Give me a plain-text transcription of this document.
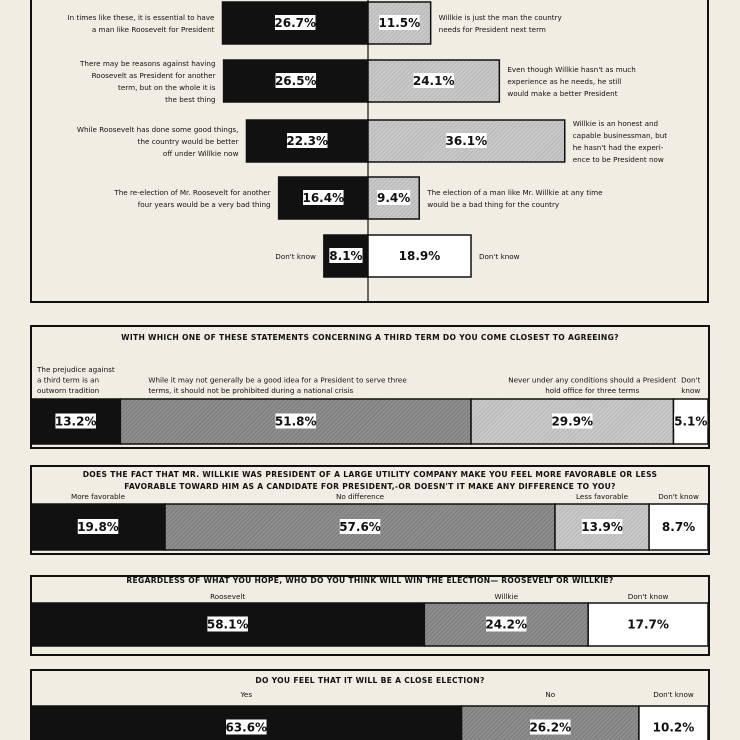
26.7%	11.5%
In times like these, it is essential to have
a man like Roosevelt for President
Willkie is just the man the country
needs for President next term
26.5%	24.1%
There may be reasons against having
Roosevelt as President for another
term, but on the whole it is
the best thing
Even though Willkie hasn't as much
experience as he needs, he still
would make a better President
22.3%	36.1%
While Roosevelt has done some good things,
the country would be better
off under Willkie now
Willkie is an honest and
capable businessman, but
he hasn't had the experi-
ence to be President now
16.4%	9.4%
The re-election of Mr. Roosevelt for another
four years would be a very bad thing
The election of a man like Mr. Willkie at any time
would be a bad thing for the country
8.1%	18.9%
Don't know	Don't know
WITH WHICH ONE OF THESE STATEMENTS CONCERNING A THIRD TERM DO YOU COME CLOSEST TO AGREEING?
13.2%
The prejudice against
a third term is an
outworn tradition
51.8%
While it may not generally be a good idea for a President to serve three
terms, it should not be prohibited during a national crisis
29.9%
Never under any conditions should a President
hold office for three terms
5.1%
Don't
know
DOES THE FACT THAT MR. WILLKIE WAS PRESIDENT OF A LARGE UTILITY COMPANY MAKE YOU FEEL MORE FAVORABLE OR LESS
FAVORABLE TOWARD HIM AS A CANDIDATE FOR PRESIDENT,-OR DOESN'T IT MAKE ANY DIFFERENCE TO YOU?
19.8%
More favorable
57.6%
No difference
13.9%
Less favorable
8.7%
Don't know
REGARDLESS OF WHAT YOU HOPE, WHO DO YOU THINK WILL WIN THE ELECTION— ROOSEVELT OR WILLKIE?
58.1%
Roosevelt
24.2%
Willkie
17.7%
Don't know
DO YOU FEEL THAT IT WILL BE A CLOSE ELECTION?
63.6%
Yes
26.2%
No
10.2%
Don't know
